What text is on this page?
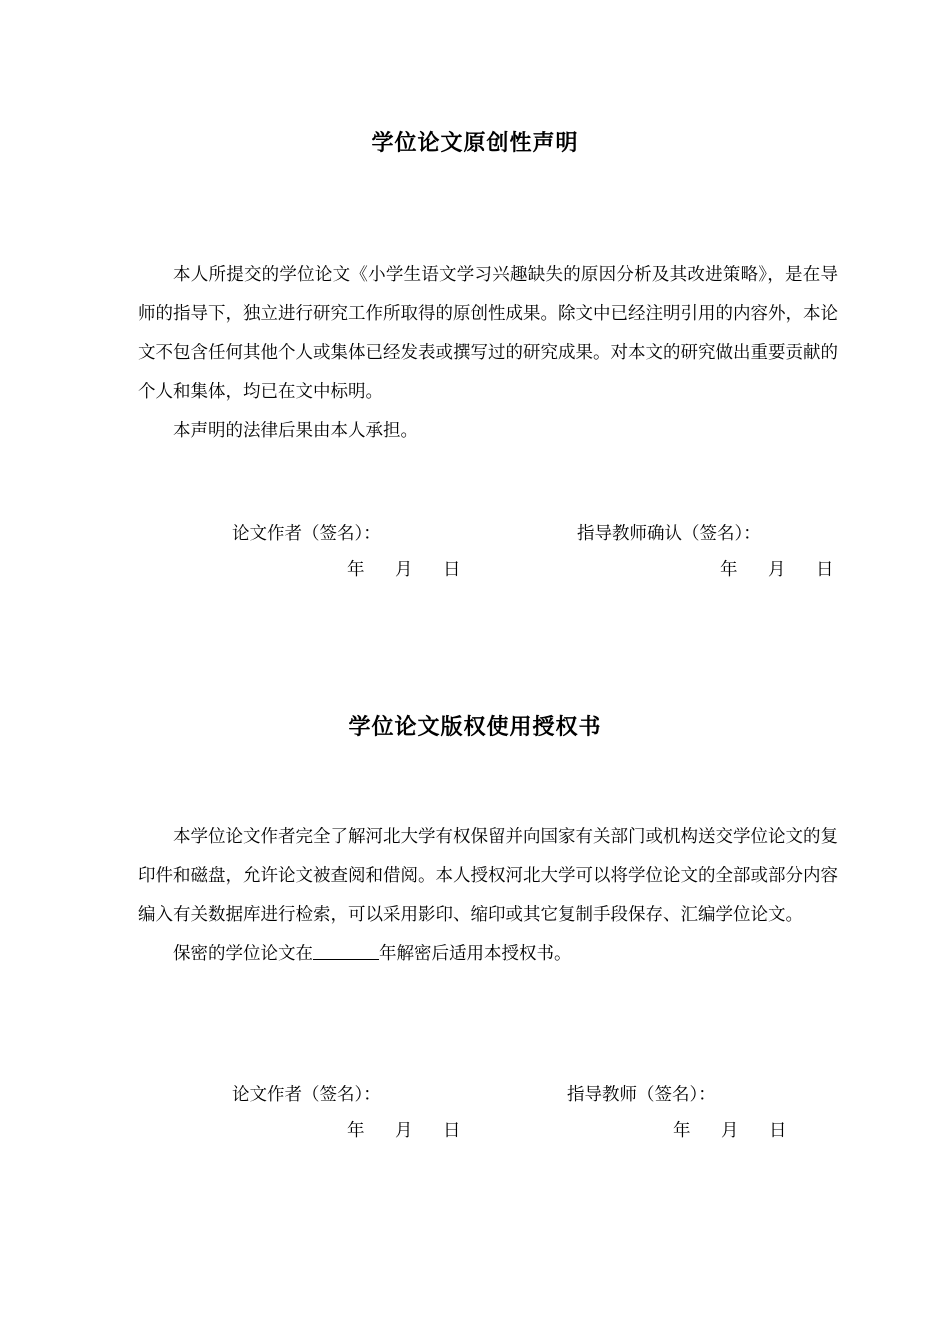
学位论文原创性声明

本人所提交的学位论文《小学生语文学习兴趣缺失的原因分析及其改进策略》，是在导师的指导下，独立进行研究工作所取得的原创性成果。除文中已经注明引用的内容外，本论文不包含任何其他个人或集体已经发表或撰写过的研究成果。对本文的研究做出重要贡献的个人和集体，均已在文中标明。

本声明的法律后果由本人承担。

论文作者（签名）：	指导教师确认（签名）：

年 月 日	年 月 日

学位论文版权使用授权书

本学位论文作者完全了解河北大学有权保留并向国家有关部门或机构送交学位论文的复印件和磁盘，允许论文被查阅和借阅。本人授权河北大学可以将学位论文的全部或部分内容编入有关数据库进行检索，可以采用影印、缩印或其它复制手段保存、汇编学位论文。

保密的学位论文在	年解密后适用本授权书。

论文作者（签名）：	指导教师（签名）：

年 月 日	年 月 日
